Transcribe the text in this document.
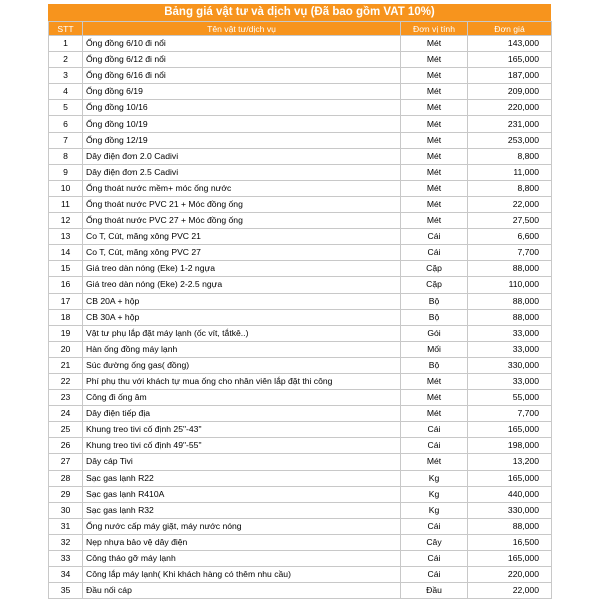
Bảng giá vật tư và dịch vụ (Đã bao gồm VAT 10%)
STT	Tên vật tư/dịch vụ	Đơn vị tính	Đơn giá
1	Ống đồng 6/10 đi nổi	Mét	143,000
2	Ống đồng 6/12 đi nổi	Mét	165,000
3	Ống đồng 6/16 đi nổi	Mét	187,000
4	Ống đồng 6/19	Mét	209,000
5	Ống đồng 10/16	Mét	220,000
6	Ống đồng 10/19	Mét	231,000
7	Ống đồng 12/19	Mét	253,000
8	Dây điện đơn 2.0 Cadivi	Mét	8,800
9	Dây điện đơn 2.5 Cadivi	Mét	11,000
10	Ống thoát nước mềm+ móc ống nước	Mét	8,800
11	Ống thoát nước PVC 21 + Móc đồng ống	Mét	22,000
12	Ống thoát nước PVC 27 + Móc đồng ống	Mét	27,500
13	Co T, Cút, măng xông PVC 21	Cái	6,600
14	Co T, Cút, măng xông PVC 27	Cái	7,700
15	Giá treo dàn nóng (Eke) 1-2 ngựa	Cặp	88,000
16	Giá treo dàn nóng (Eke) 2-2.5 ngựa	Cặp	110,000
17	CB 20A + hộp	Bộ	88,000
18	CB 30A + hộp	Bộ	88,000
19	Vật tư phụ lắp đặt máy lạnh (ốc vít, tắtkê..)	Gói	33,000
20	Hàn ống đồng máy lạnh	Mối	33,000
21	Súc đường ống gas( đồng)	Bộ	330,000
22	Phí phụ thu với khách tự mua ống cho nhân viên lắp đặt thi công	Mét	33,000
23	Công đi ống âm	Mét	55,000
24	Dây điện tiếp địa	Mét	7,700
25	Khung treo tivi cố định 25"-43"	Cái	165,000
26	Khung treo tivi cố định 49"-55"	Cái	198,000
27	Dây cáp Tivi	Mét	13,200
28	Sạc gas lạnh R22	Kg	165,000
29	Sạc gas lạnh R410A	Kg	440,000
30	Sạc gas lạnh R32	Kg	330,000
31	Ống nước cấp máy giặt, máy nước nóng	Cái	88,000
32	Nẹp nhựa bảo vệ dây điện	Cây	16,500
33	Công tháo gỡ máy lạnh	Cái	165,000
34	Công lắp máy lạnh( Khi khách hàng có thêm nhu cầu)	Cái	220,000
35	Đầu nối cáp	Đầu	22,000
